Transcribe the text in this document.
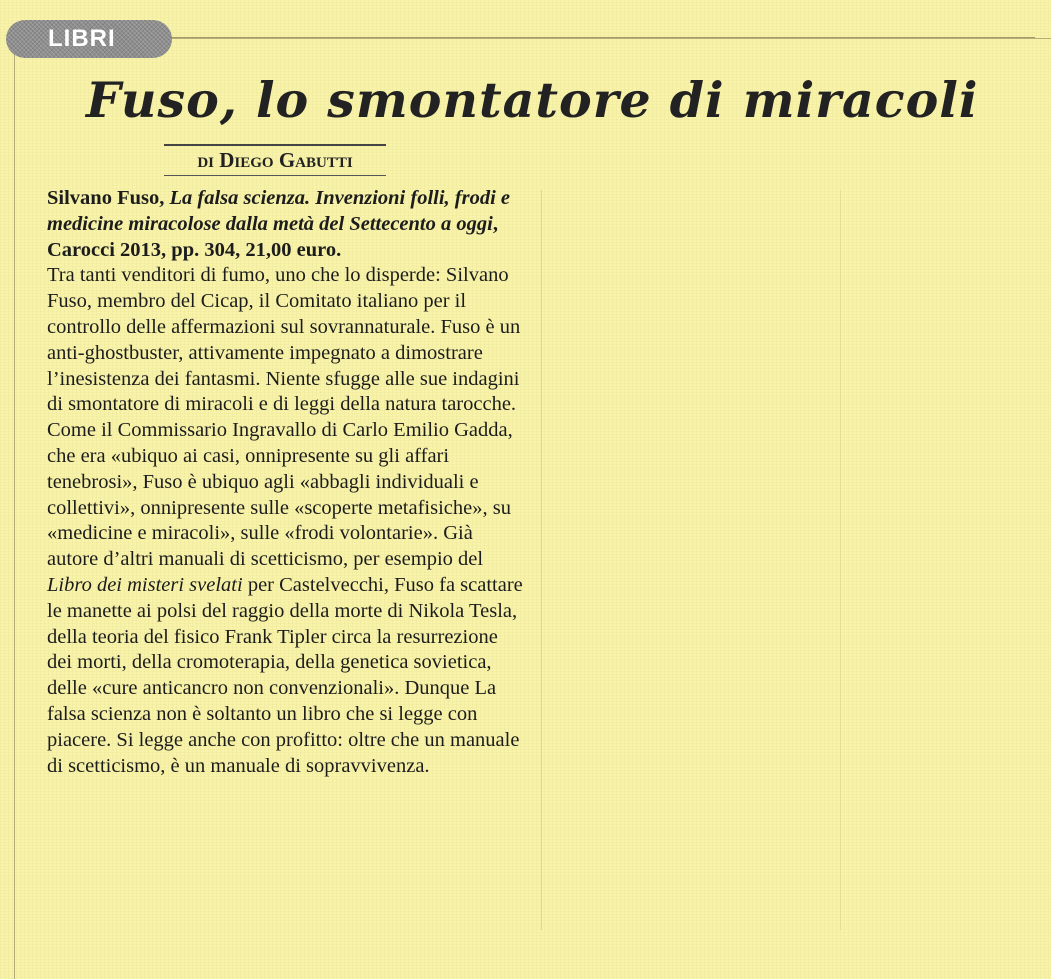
LIBRI
Fuso, lo smontatore di miracoli
di Diego Gabutti

Silvano Fuso, La falsa scienza. Invenzioni folli, frodi e medicine miracolose dalla metà del Settecento a oggi, Carocci 2013, pp. 304, 21,00 euro.

Tra tanti venditori di fumo, uno che lo disperde: Silvano Fuso, membro del Cicap, il Comitato italiano per il controllo delle affermazioni sul sovrannaturale. Fuso è un anti-ghostbuster, attivamente impegnato a dimostrare l’inesistenza dei fantasmi. Niente sfugge alle sue indagini di smontatore di miracoli e di leggi della natura tarocche. Come il Commissario Ingravallo di Carlo Emilio Gadda, che era «ubiquo ai casi, onnipresente su gli affari tenebrosi», Fuso è ubiquo agli «abbagli individuali e collettivi», onnipresente sulle «scoperte metafisiche», su «medicine e miracoli», sulle «frodi volontarie». Già autore d’altri manuali di scetticismo, per esempio del Libro dei misteri svelati per Castelvecchi, Fuso fa scattare le manette ai polsi del raggio della morte di Nikola Tesla, della teoria del fisico Frank Tipler circa la resurrezione dei morti, della cromoterapia, della genetica sovietica, delle «cure anticancro non convenzionali». Dunque La falsa scienza non è soltanto un libro che si legge con piacere. Si legge anche con profitto: oltre che un manuale di scetticismo, è un manuale di sopravvivenza.
